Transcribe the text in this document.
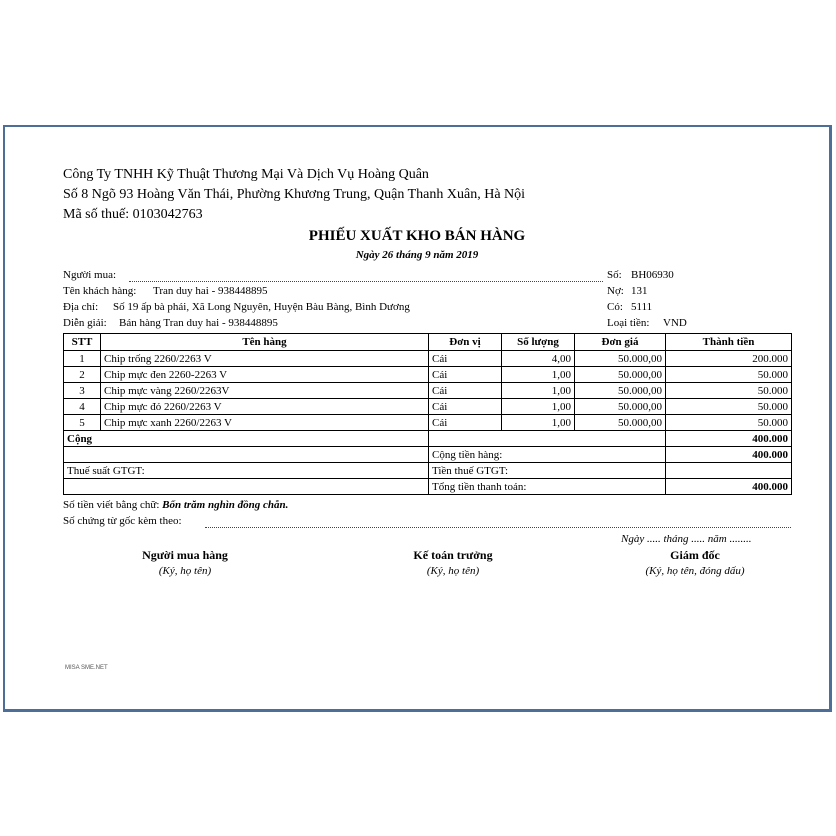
Công Ty TNHH Kỹ Thuật Thương Mại Và Dịch Vụ Hoàng Quân
Số 8 Ngõ 93 Hoàng Văn Thái, Phường Khương Trung, Quận Thanh Xuân, Hà Nội
Mã số thuế: 0103042763
PHIẾU XUẤT KHO BÁN HÀNG
Ngày 26 tháng 9 năm 2019
Người mua:
Tên khách hàng: Tran duy hai - 938448895
Địa chỉ: Số 19 ấp bà phái, Xã Long Nguyên, Huyện Bàu Bàng, Bình Dương
Diễn giải: Bán hàng Tran duy hai - 938448895
Số: BH06930
Nợ: 131
Có: 5111
Loại tiền: VND
STT	Tên hàng	Đơn vị	Số lượng	Đơn giá	Thành tiền
1	Chip trống 2260/2263 V	Cái	4,00	50.000,00	200.000
2	Chip mực đen 2260-2263 V	Cái	1,00	50.000,00	50.000
3	Chip mực vàng 2260/2263V	Cái	1,00	50.000,00	50.000
4	Chip mực đỏ 2260/2263 V	Cái	1,00	50.000,00	50.000
5	Chip mực xanh 2260/2263 V	Cái	1,00	50.000,00	50.000
Cộng					400.000
		Cộng tiền hàng:			400.000
Thuế suất GTGT:		Tiền thuế GTGT:			
		Tổng tiền thanh toán:			400.000
Số tiền viết bằng chữ: Bốn trăm nghìn đồng chẵn.
Số chứng từ gốc kèm theo:
Ngày ..... tháng ..... năm ........
Người mua hàng
(Ký, họ tên)
Kế toán trưởng
(Ký, họ tên)
Giám đốc
(Ký, họ tên, đóng dấu)
MISA SME.NET
